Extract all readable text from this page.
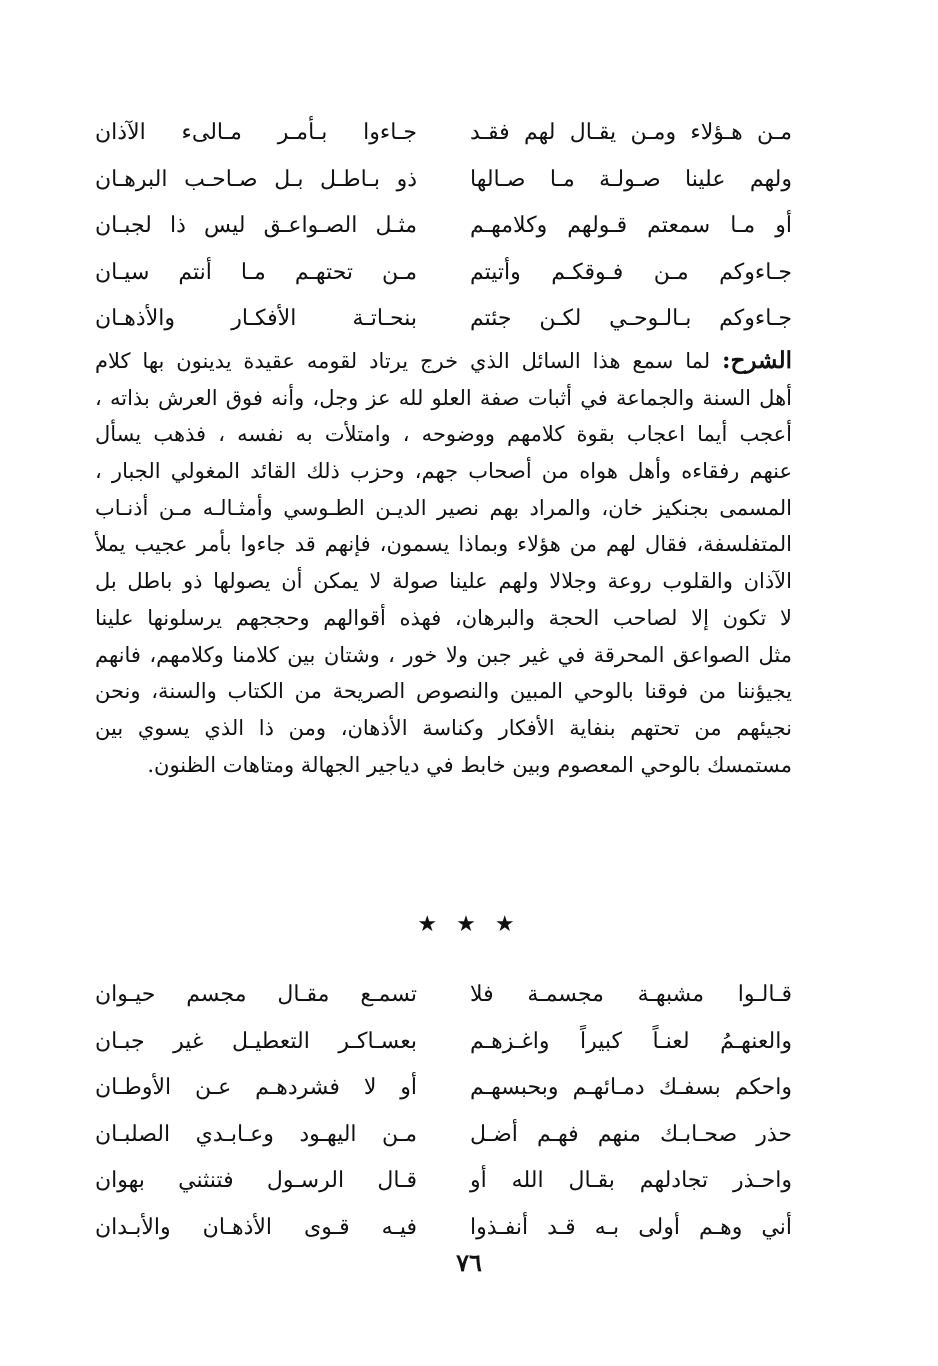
مـن هـؤلاء ومـن يقـال لهم فقـد
جـاءوا بـأمـر مـالىء الآذان
ولهم علينا صـولـة مـا صـالها
ذو بـاطـل بـل صـاحـب البرهـان
أو مـا سمعتم قـولهم وكلامهـم
مثـل الصـواعـق ليس ذا لجبـان
جـاءوكم مـن فـوقكـم وأتيتم
مـن تحتهـم مـا أنتم سيـان
جـاءوكم بـالـوحـي لكـن جئتم
بنحـاتـة الأفكـار والأذهـان
الشرح: لما سمع هذا السائل الذي خرج يرتاد لقومه عقيدة يدينون بها كلام
أهل السنة والجماعة في أثبات صفة العلو لله عز وجل، وأنه فوق العرش بذاته ،
أعجب أيما اعجاب بقوة كلامهم ووضوحه ، وامتلأت به نفسه ، فذهب يسأل
عنهم رفقاءه وأهل هواه من أصحاب جهم، وحزب ذلك القائد المغولي الجبار ،
المسمى بجنكيز خان، والمراد بهم نصير الديـن الطـوسي وأمثـالـه مـن أذنـاب
المتفلسفة، فقال لهم من هؤلاء وبماذا يسمون، فإنهم قد جاءوا بأمر عجيب يملأ
الآذان والقلوب روعة وجلالا ولهم علينا صولة لا يمكن أن يصولها ذو باطل بل
لا تكون إلا لصاحب الحجة والبرهان، فهذه أقوالهم وحججهم يرسلونها علينا
مثل الصواعق المحرقة في غير جبن ولا خور ، وشتان بين كلامنا وكلامهم، فانهم
يجيؤننا من فوقنا بالوحي المبين والنصوص الصريحة من الكتاب والسنة، ونحن
نجيئهم من تحتهم بنفاية الأفكار وكناسة الأذهان، ومن ذا الذي يسوي بين
مستمسك بالوحي المعصوم وبين خابط في دياجير الجهالة ومتاهات الظنون.
★ ★ ★
قـالـوا مشبهـة مجسمـة فلا
تسمـع مقـال مجسم حيـوان
والعنهـمُ لعنـاً كبيراً واغـزهـم
بعسـاكـر التعطيـل غير جبـان
واحكم بسفـك دمـائهـم وبحبسهـم
أو لا فشردهـم عـن الأوطـان
حذر صحـابـك منهم فهـم أضـل
مـن اليهـود وعـابـدي الصلبـان
واحـذر تجادلهم بقـال الله أو
قـال الرسـول فتنثني بهوان
أني وهـم أولى بـه قـد أنفـذوا
فيـه قـوى الأذهـان والأبـدان
٧٦
